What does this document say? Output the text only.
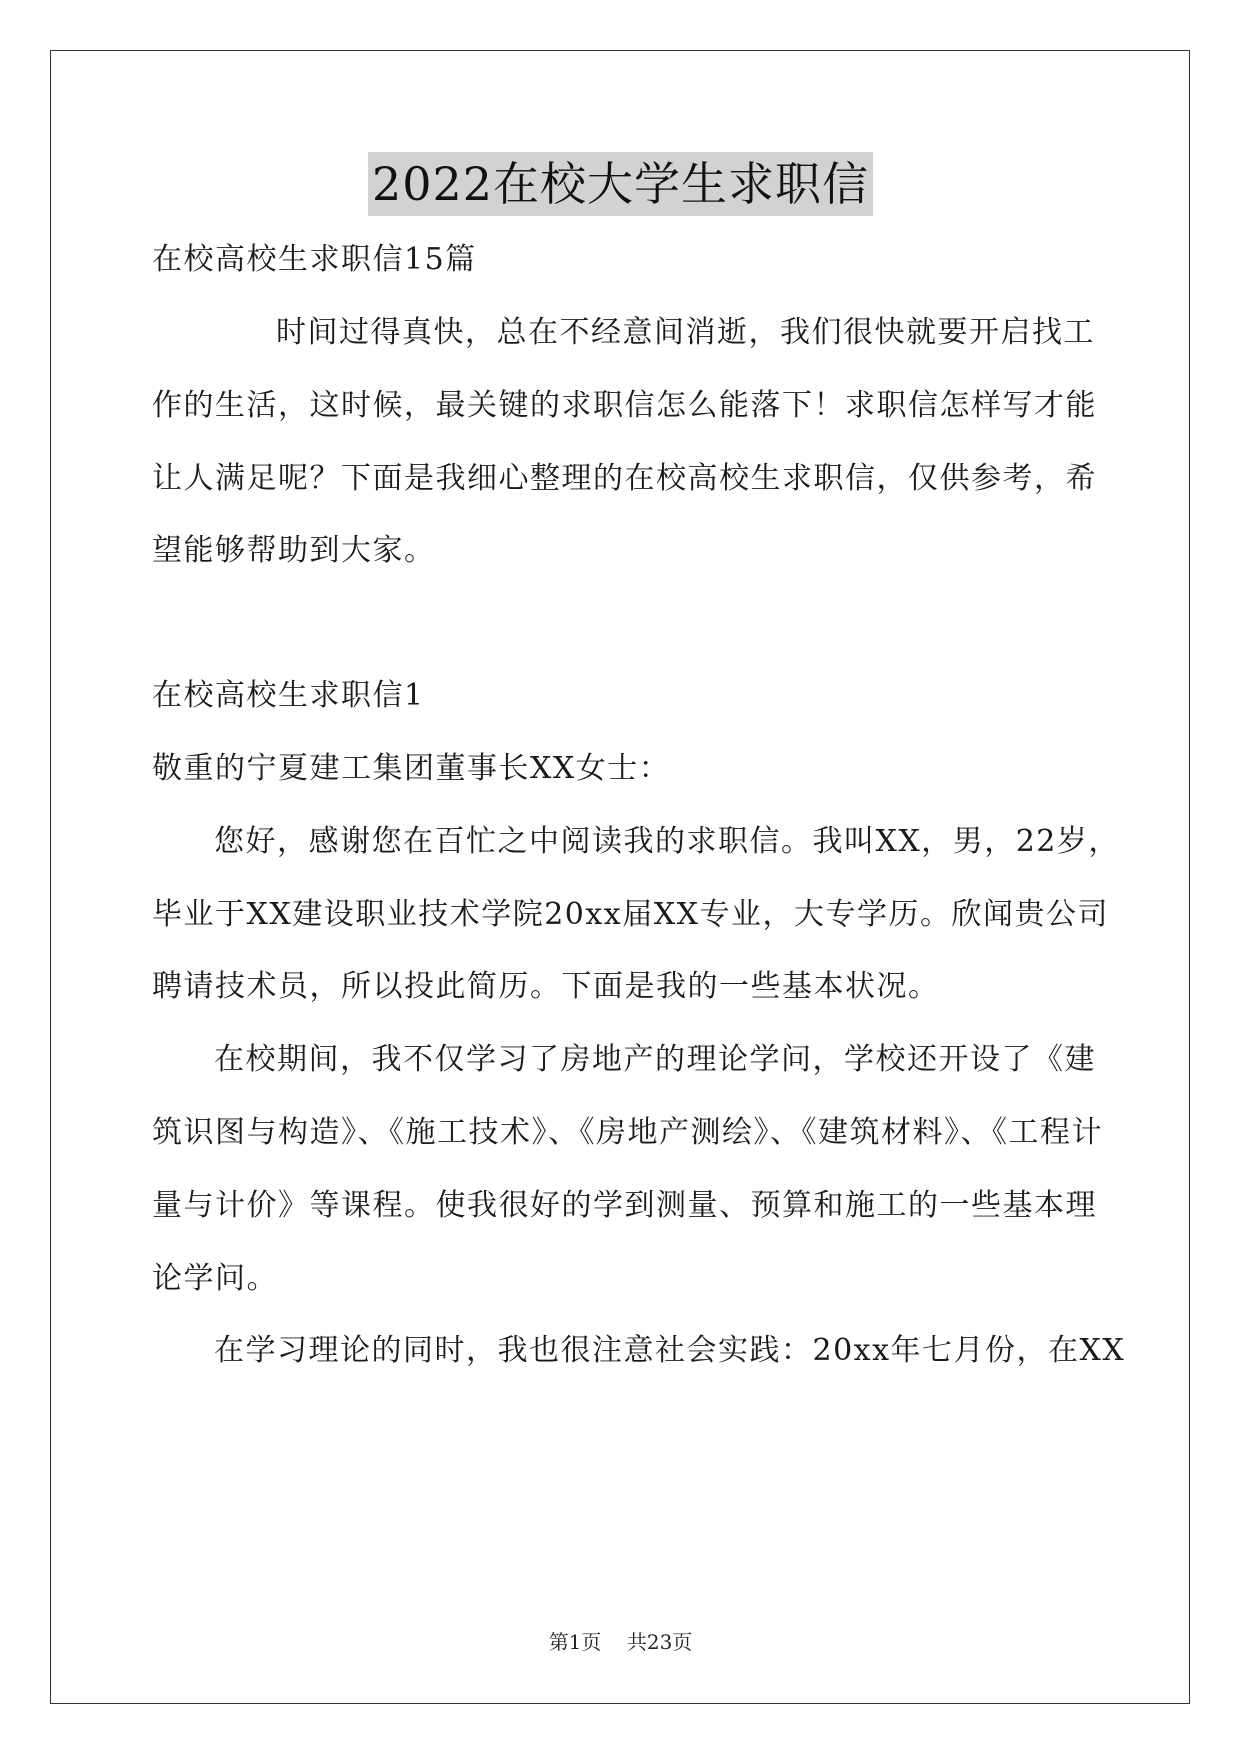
2022在校大学生求职信
在校高校生求职信15篇
时间过得真快，总在不经意间消逝，我们很快就要开启找工
作的生活，这时候，最关键的求职信怎么能落下！求职信怎样写才能
让人满足呢？下面是我细心整理的在校高校生求职信，仅供参考，希
望能够帮助到大家。
在校高校生求职信1
敬重的宁夏建工集团董事长XX女士：
您好，感谢您在百忙之中阅读我的求职信。我叫XX，男，22岁，
毕业于XX建设职业技术学院20xx届XX专业，大专学历。欣闻贵公司
聘请技术员，所以投此简历。下面是我的一些基本状况。
在校期间，我不仅学习了房地产的理论学问，学校还开设了《建
筑识图与构造》、《施工技术》、《房地产测绘》、《建筑材料》、《工程计
量与计价》等课程。使我很好的学到测量、预算和施工的一些基本理
论学问。
在学习理论的同时，我也很注意社会实践：20xx年七月份，在XX
第1页 共23页
